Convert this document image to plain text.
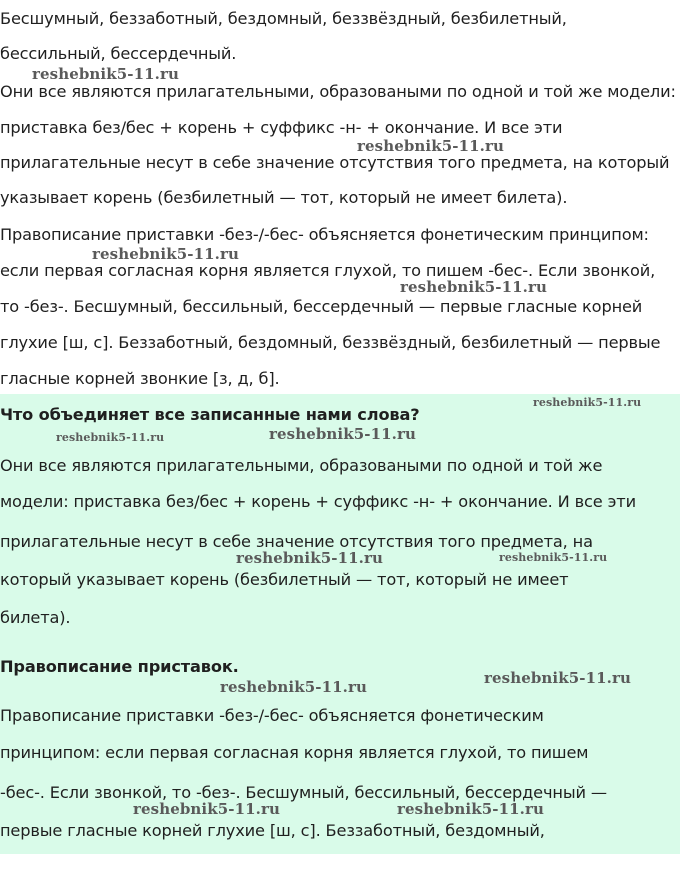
Бесшумный, беззаботный, бездомный, беззвёздный, безбилетный,
бессильный, бессердечный.
Они все являются прилагательными, образоваными по одной и той же модели:
приставка без/бес + корень + суффикс -н- + окончание. И все эти
прилагательные несут в себе значение отсутствия того предмета, на который
указывает корень (безбилетный — тот, который не имеет билета).
Правописание приставки -без-/-бес- объясняется фонетическим принципом:
если первая согласная корня является глухой, то пишем -бес-. Если звонкой,
то -без-. Бесшумный, бессильный, бессердечный — первые гласные корней
глухие [ш, с]. Беззаботный, бездомный, беззвёздный, безбилетный — первые
гласные корней звонкие [з, д, б].
Что объединяет все записанные нами слова?
Они все являются прилагательными, образоваными по одной и той же
модели: приставка без/бес + корень + суффикс -н- + окончание. И все эти
прилагательные несут в себе значение отсутствия того предмета, на
который указывает корень (безбилетный — тот, который не имеет
билета).
Правописание приставок.
Правописание приставки -без-/-бес- объясняется фонетическим
принципом: если первая согласная корня является глухой, то пишем
-бес-. Если звонкой, то -без-. Бесшумный, бессильный, бессердечный —
первые гласные корней глухие [ш, с]. Беззаботный, бездомный,
reshebnik5-11.ru
reshebnik5-11.ru
reshebnik5-11.ru
reshebnik5-11.ru
reshebnik5-11.ru
reshebnik5-11.ru	reshebnik5-11.ru
reshebnik5-11.ru	reshebnik5-11.ru
reshebnik5-11.ru	reshebnik5-11.ru
reshebnik5-11.ru	reshebnik5-11.ru
